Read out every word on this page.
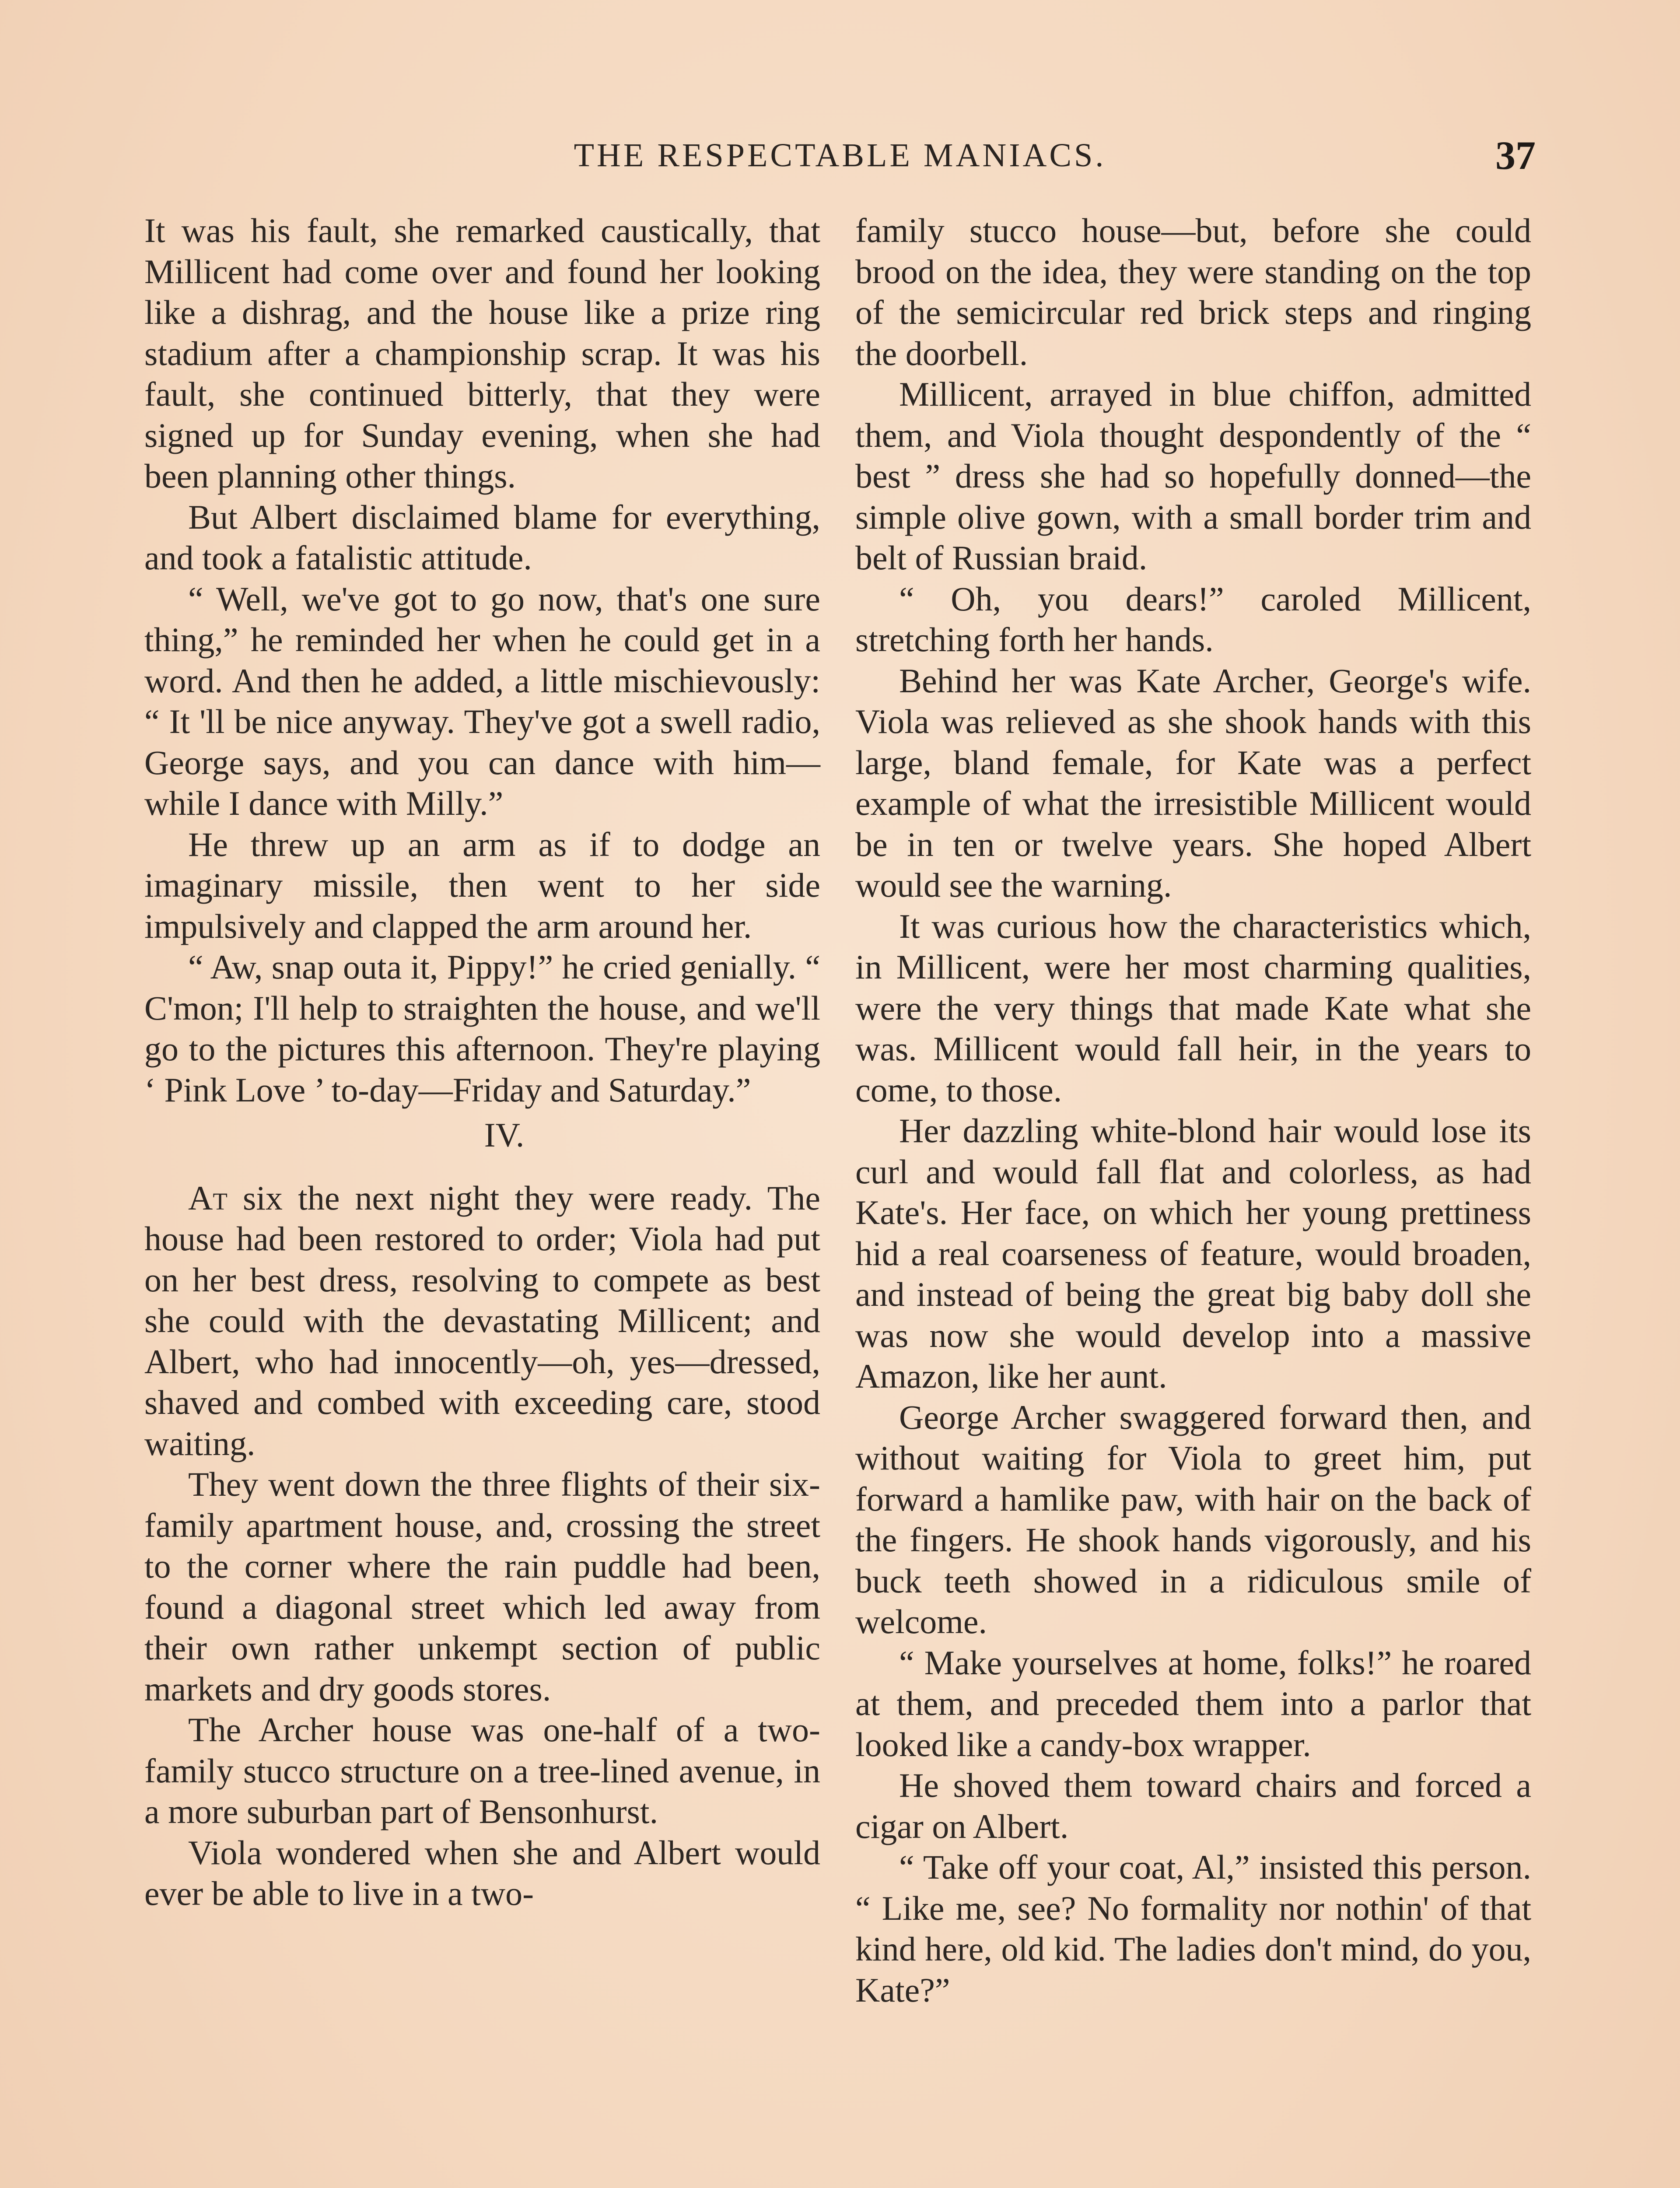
THE RESPECTABLE MANIACS.	37

It was his fault, she remarked caustically, that Millicent had come over and found her looking like a dishrag, and the house like a prize ring stadium after a championship scrap. It was his fault, she continued bitterly, that they were signed up for Sunday evening, when she had been planning other things.

But Albert disclaimed blame for everything, and took a fatalistic attitude.

“ Well, we've got to go now, that's one sure thing,” he reminded her when he could get in a word. And then he added, a little mischievously: “ It 'll be nice anyway. They've got a swell radio, George says, and you can dance with him—while I dance with Milly.”

He threw up an arm as if to dodge an imaginary missile, then went to her side impulsively and clapped the arm around her.

“ Aw, snap outa it, Pippy!” he cried genially. “ C'mon; I'll help to straighten the house, and we'll go to the pictures this afternoon. They're playing ‘ Pink Love ’ to-day—Friday and Saturday.”

IV.

At six the next night they were ready. The house had been restored to order; Viola had put on her best dress, resolving to compete as best she could with the devastating Millicent; and Albert, who had innocently—oh, yes—dressed, shaved and combed with exceeding care, stood waiting.

They went down the three flights of their six-family apartment house, and, crossing the street to the corner where the rain puddle had been, found a diagonal street which led away from their own rather unkempt section of public markets and dry goods stores.

The Archer house was one-half of a two-family stucco structure on a tree-lined avenue, in a more suburban part of Bensonhurst.

Viola wondered when she and Albert would ever be able to live in a two-

family stucco house—but, before she could brood on the idea, they were standing on the top of the semicircular red brick steps and ringing the doorbell.

Millicent, arrayed in blue chiffon, admitted them, and Viola thought despondently of the “ best ” dress she had so hopefully donned—the simple olive gown, with a small border trim and belt of Russian braid.

“ Oh, you dears!” caroled Millicent, stretching forth her hands.

Behind her was Kate Archer, George's wife. Viola was relieved as she shook hands with this large, bland female, for Kate was a perfect example of what the irresistible Millicent would be in ten or twelve years. She hoped Albert would see the warning.

It was curious how the characteristics which, in Millicent, were her most charming qualities, were the very things that made Kate what she was. Millicent would fall heir, in the years to come, to those.

Her dazzling white-blond hair would lose its curl and would fall flat and colorless, as had Kate's. Her face, on which her young prettiness hid a real coarseness of feature, would broaden, and instead of being the great big baby doll she was now she would develop into a massive Amazon, like her aunt.

George Archer swaggered forward then, and without waiting for Viola to greet him, put forward a hamlike paw, with hair on the back of the fingers. He shook hands vigorously, and his buck teeth showed in a ridiculous smile of welcome.

“ Make yourselves at home, folks!” he roared at them, and preceded them into a parlor that looked like a candy-box wrapper.

He shoved them toward chairs and forced a cigar on Albert.

“ Take off your coat, Al,” insisted this person. “ Like me, see? No formality nor nothin' of that kind here, old kid. The ladies don't mind, do you, Kate?”
